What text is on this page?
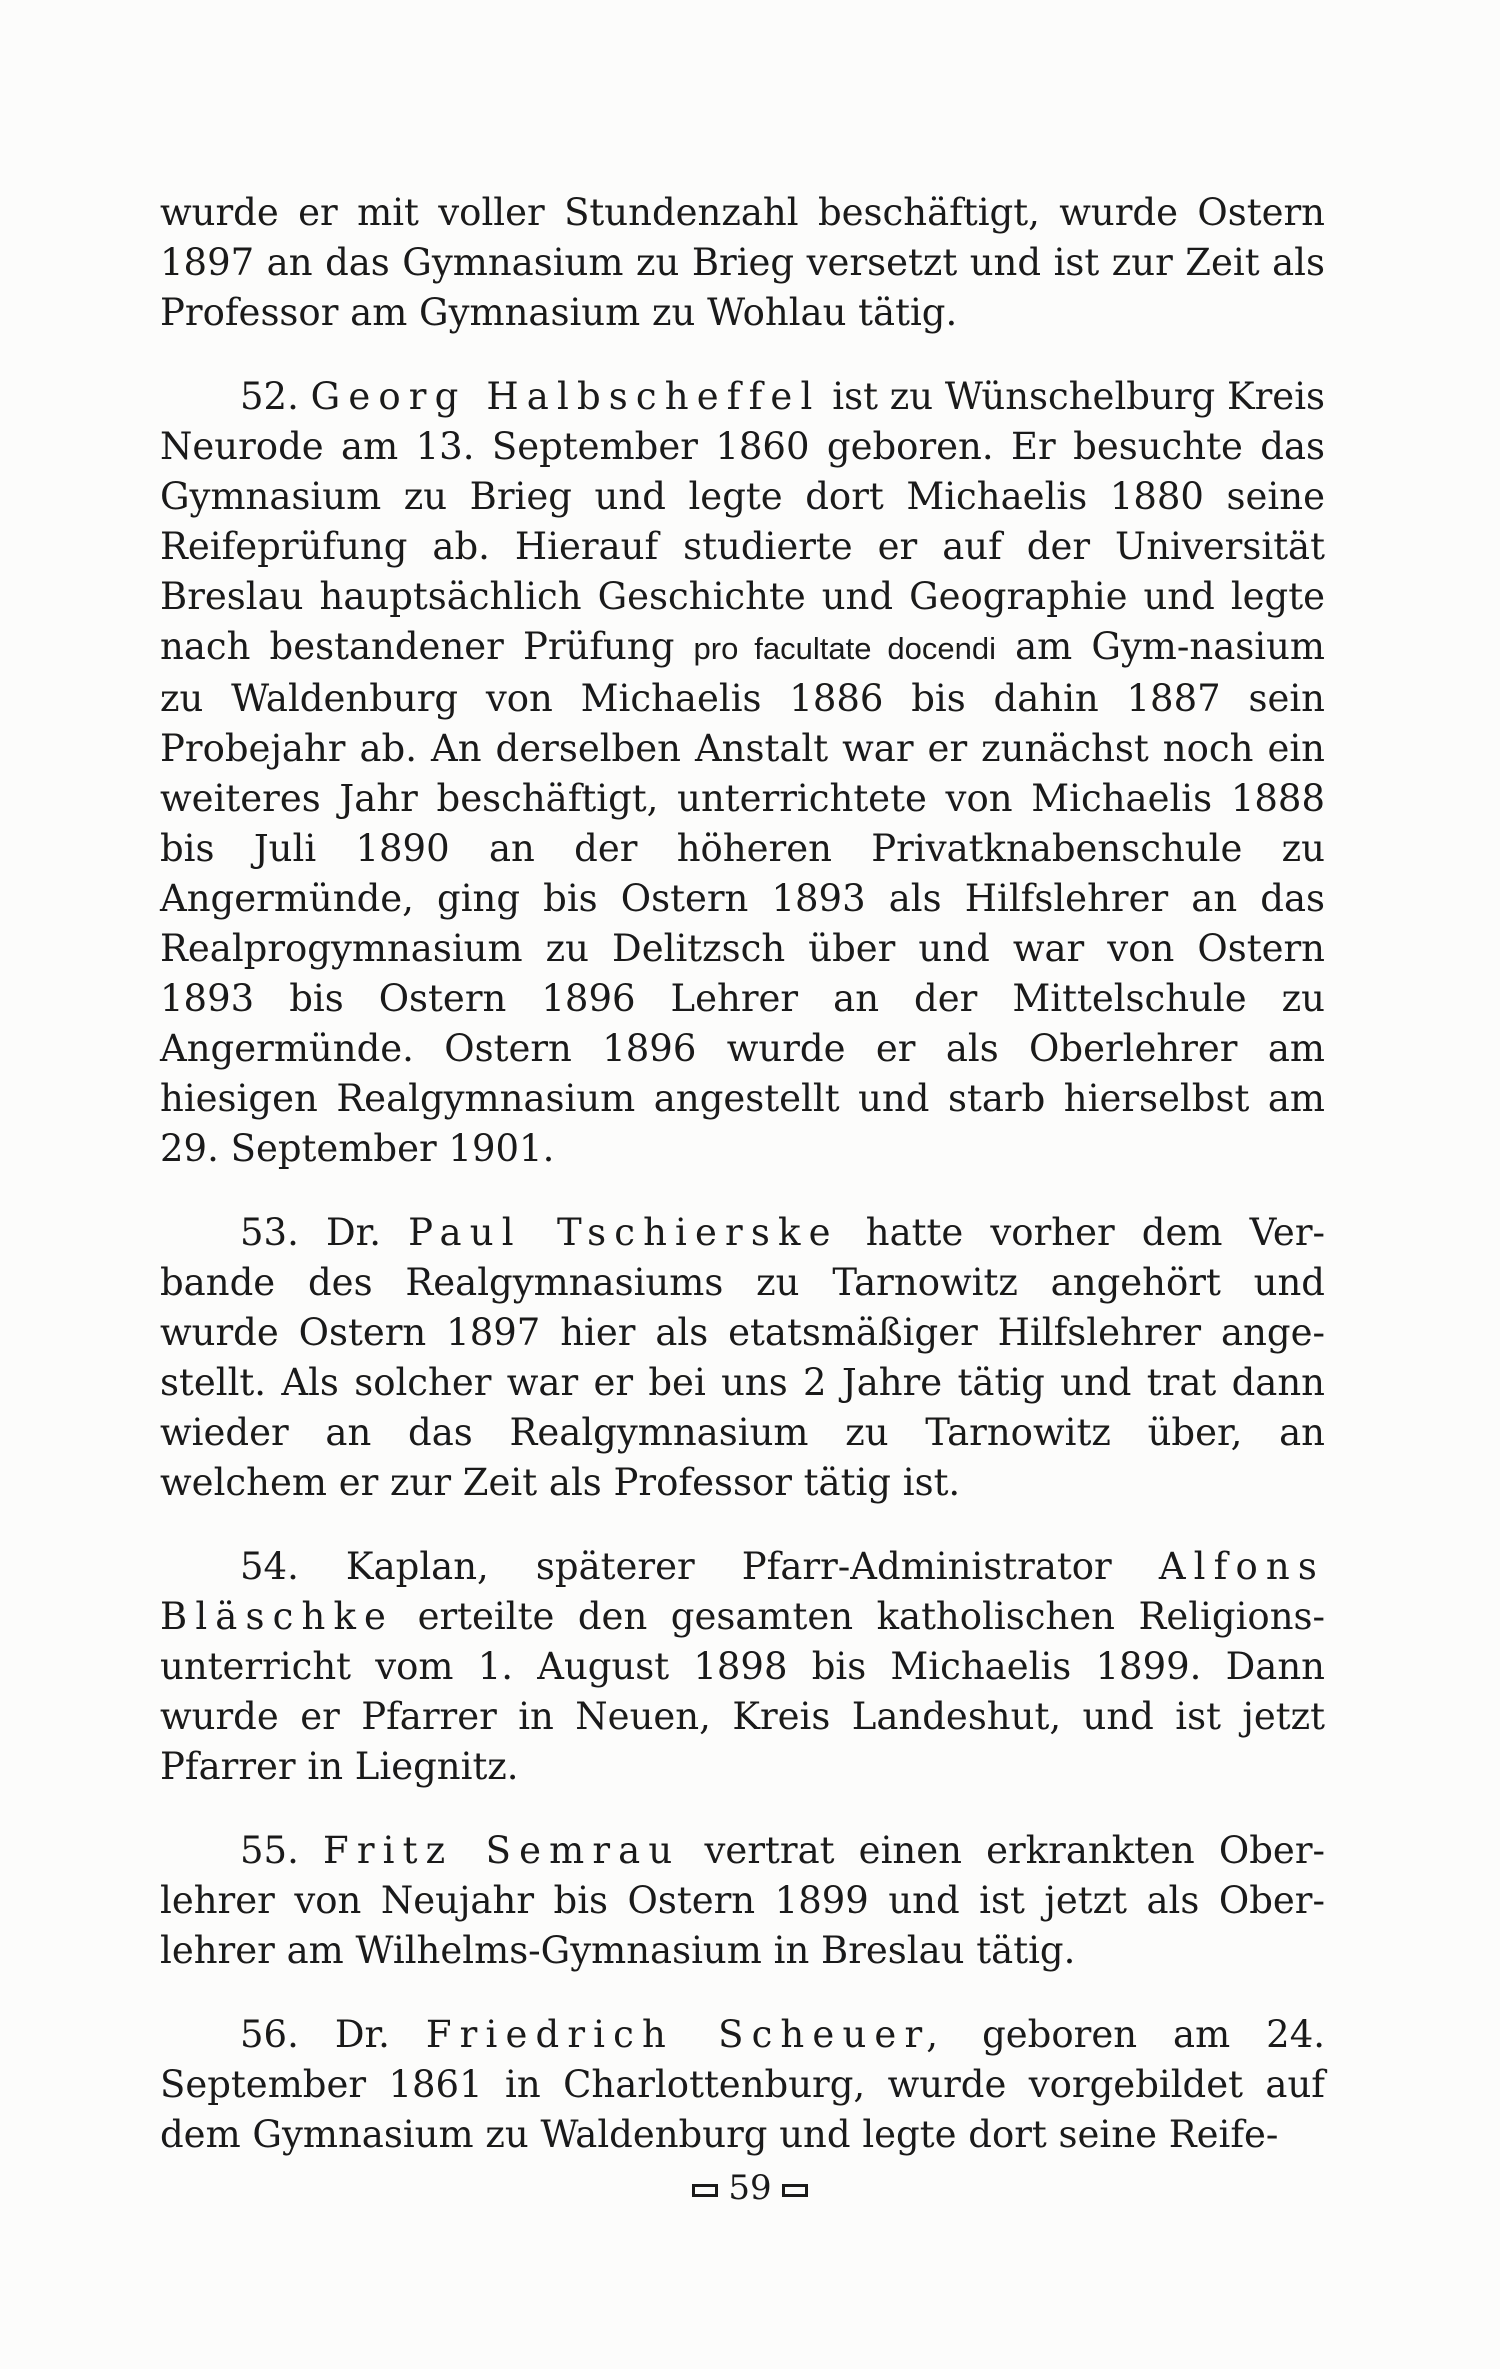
wurde er mit voller Stundenzahl beschäftigt, wurde Ostern 1897 an das Gymnasium zu Brieg versetzt und ist zur Zeit als Professor am Gymnasium zu Wohlau tätig.

52. Georg Halbscheffel ist zu Wünschelburg Kreis Neurode am 13. September 1860 geboren. Er besuchte das Gymnasium zu Brieg und legte dort Michaelis 1880 seine Reifeprüfung ab. Hierauf studierte er auf der Universität Breslau hauptsächlich Geschichte und Geographie und legte nach bestandener Prüfung pro facultate docendi am Gym-nasium zu Waldenburg von Michaelis 1886 bis dahin 1887 sein Probejahr ab. An derselben Anstalt war er zunächst noch ein weiteres Jahr beschäftigt, unterrichtete von Michaelis 1888 bis Juli 1890 an der höheren Privatknabenschule zu Angermünde, ging bis Ostern 1893 als Hilfslehrer an das Realprogymnasium zu Delitzsch über und war von Ostern 1893 bis Ostern 1896 Lehrer an der Mittelschule zu Angermünde. Ostern 1896 wurde er als Oberlehrer am hiesigen Realgymnasium angestellt und starb hierselbst am 29. September 1901.

53. Dr. Paul Tschierske hatte vorher dem Ver-bande des Realgymnasiums zu Tarnowitz angehört und wurde Ostern 1897 hier als etatsmäßiger Hilfslehrer ange-stellt. Als solcher war er bei uns 2 Jahre tätig und trat dann wieder an das Realgymnasium zu Tarnowitz über, an welchem er zur Zeit als Professor tätig ist.

54. Kaplan, späterer Pfarr-Administrator Alfons Bläschke erteilte den gesamten katholischen Religions-unterricht vom 1. August 1898 bis Michaelis 1899. Dann wurde er Pfarrer in Neuen, Kreis Landeshut, und ist jetzt Pfarrer in Liegnitz.

55. Fritz Semrau vertrat einen erkrankten Ober-lehrer von Neujahr bis Ostern 1899 und ist jetzt als Ober-lehrer am Wilhelms-Gymnasium in Breslau tätig.

56. Dr. Friedrich Scheuer, geboren am 24. September 1861 in Charlottenburg, wurde vorgebildet auf dem Gymnasium zu Waldenburg und legte dort seine Reife-

59
